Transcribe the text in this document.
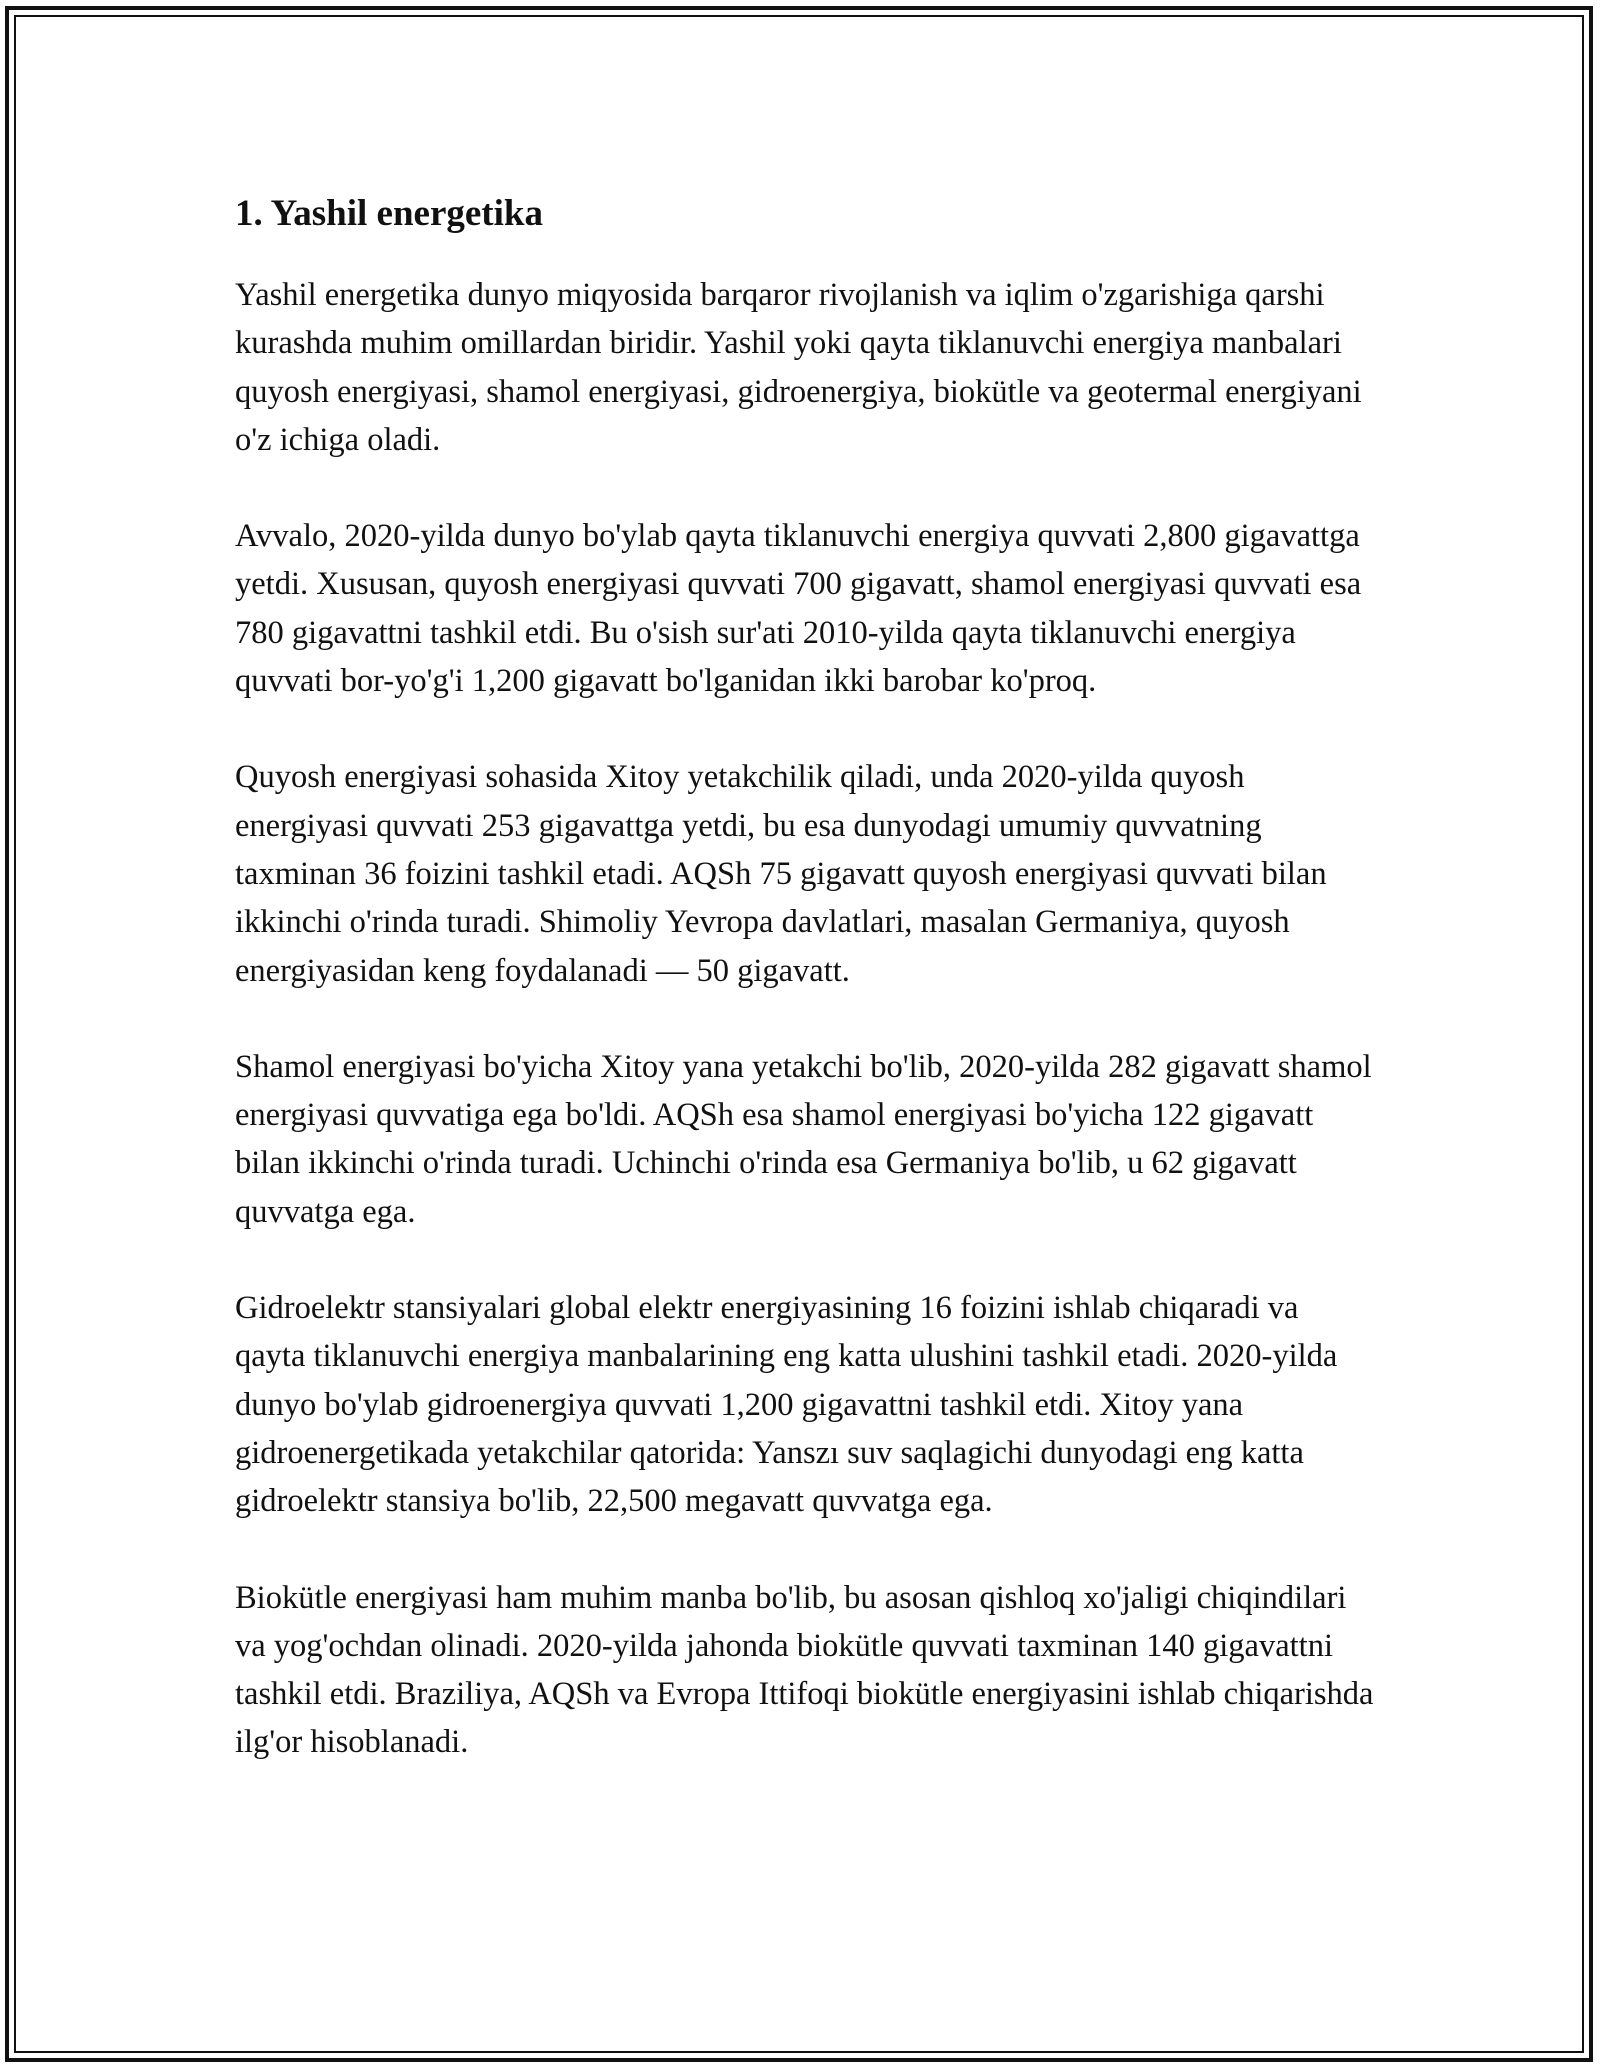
1. Yashil energetika

Yashil energetika dunyo miqyosida barqaror rivojlanish va iqlim o'zgarishiga qarshi kurashda muhim omillardan biridir. Yashil yoki qayta tiklanuvchi energiya manbalari quyosh energiyasi, shamol energiyasi, gidroenergiya, biokütle va geotermal energiyani o'z ichiga oladi.

Avvalo, 2020-yilda dunyo bo'ylab qayta tiklanuvchi energiya quvvati 2,800 gigavattga yetdi. Xususan, quyosh energiyasi quvvati 700 gigavatt, shamol energiyasi quvvati esa 780 gigavattni tashkil etdi. Bu o'sish sur'ati 2010-yilda qayta tiklanuvchi energiya quvvati bor-yo'g'i 1,200 gigavatt bo'lganidan ikki barobar ko'proq.

Quyosh energiyasi sohasida Xitoy yetakchilik qiladi, unda 2020-yilda quyosh energiyasi quvvati 253 gigavattga yetdi, bu esa dunyodagi umumiy quvvatning taxminan 36 foizini tashkil etadi. AQSh 75 gigavatt quyosh energiyasi quvvati bilan ikkinchi o'rinda turadi. Shimoliy Yevropa davlatlari, masalan Germaniya, quyosh energiyasidan keng foydalanadi — 50 gigavatt.

Shamol energiyasi bo'yicha Xitoy yana yetakchi bo'lib, 2020-yilda 282 gigavatt shamol energiyasi quvvatiga ega bo'ldi. AQSh esa shamol energiyasi bo'yicha 122 gigavatt bilan ikkinchi o'rinda turadi. Uchinchi o'rinda esa Germaniya bo'lib, u 62 gigavatt quvvatga ega.

Gidroelektr stansiyalari global elektr energiyasining 16 foizini ishlab chiqaradi va qayta tiklanuvchi energiya manbalarining eng katta ulushini tashkil etadi. 2020-yilda dunyo bo'ylab gidroenergiya quvvati 1,200 gigavattni tashkil etdi. Xitoy yana gidroenergetikada yetakchilar qatorida: Yanszı suv saqlagichi dunyodagi eng katta gidroelektr stansiya bo'lib, 22,500 megavatt quvvatga ega.

Biokütle energiyasi ham muhim manba bo'lib, bu asosan qishloq xo'jaligi chiqindilari va yog'ochdan olinadi. 2020-yilda jahonda biokütle quvvati taxminan 140 gigavattni tashkil etdi. Braziliya, AQSh va Evropa Ittifoqi biokütle energiyasini ishlab chiqarishda ilg'or hisoblanadi.
